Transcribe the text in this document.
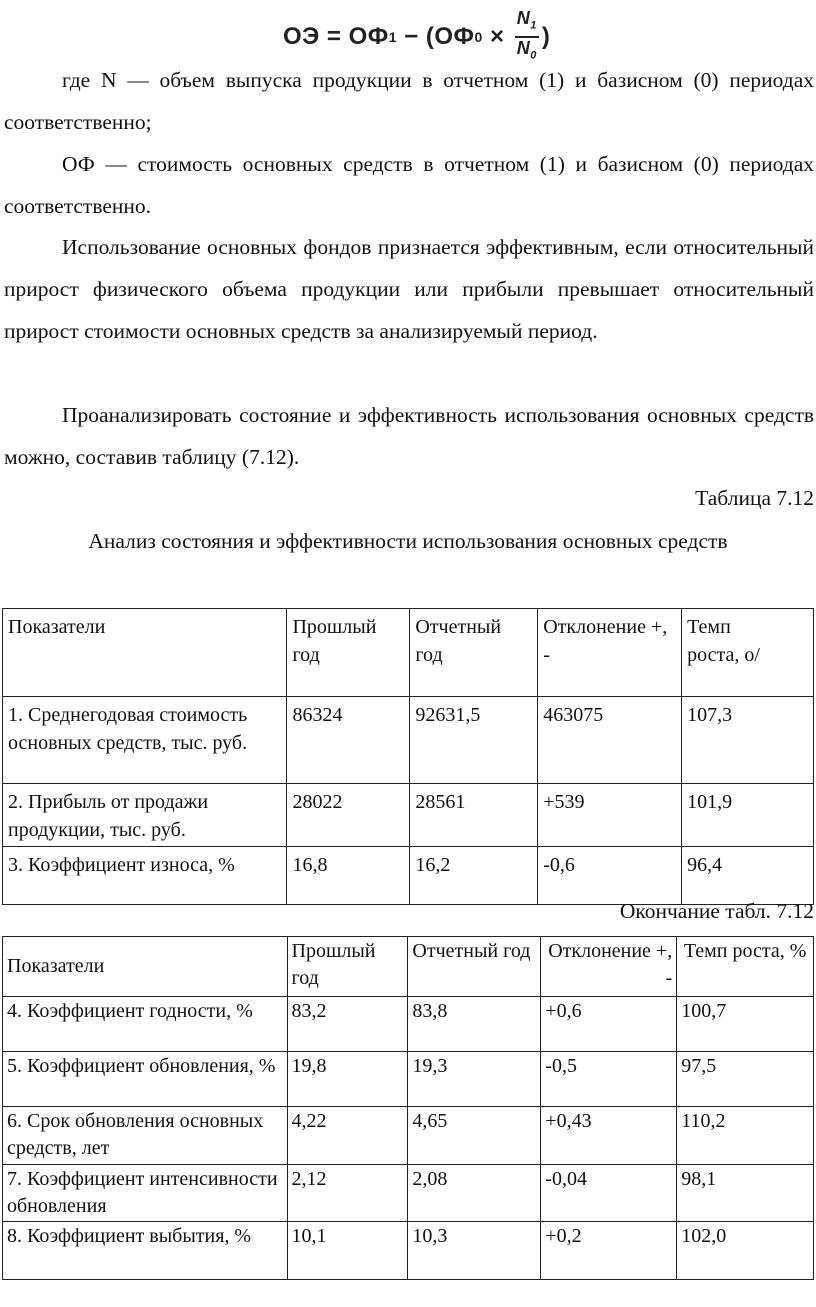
ОЭ = ОФ 1 − (ОФ $0 \times \frac{N_1}{N_0}$ )

где N — объем выпуска продукции в отчетном (1) и базисном (0) периодах соответственно;

ОФ — стоимость основных средств в отчетном (1) и базисном (0) периодах соответственно.

Использование основных фондов признается эффективным, если относительный прирост физического объема продукции или прибыли превышает относительный прирост стоимости основных средств за анализируемый период.

Проанализировать состояние и эффективность использования основных средств можно, составив таблицу (7.12).

Таблица 7.12
Анализ состояния и эффективности использования основных средств
Показатели	Прошлый год	Отчетный год	Отклонение +, -	Темп роста, о/
1. Среднегодовая стоимость основных средств, тыс. руб.	86324	92631,5	463075	107,3
2. Прибыль от продажи продукции, тыс. руб.	28022	28561	+539	101,9
3. Коэффициент износа, %	16,8	16,2	-0,6	96,4
Окончание табл. 7.12
Показатели	Прошлый год	Отчетный год	Отклонение +, -	Темп роста, %
4. Коэффициент годности, %	83,2	83,8	+0,6	100,7
5. Коэффициент обновления, %	19,8	19,3	-0,5	97,5
6. Срок обновления основных средств, лет	4,22	4,65	+0,43	110,2
7. Коэффициент интенсивности обновления	2,12	2,08	-0,04	98,1
8. Коэффициент выбытия, %	10,1	10,3	+0,2	102,0
